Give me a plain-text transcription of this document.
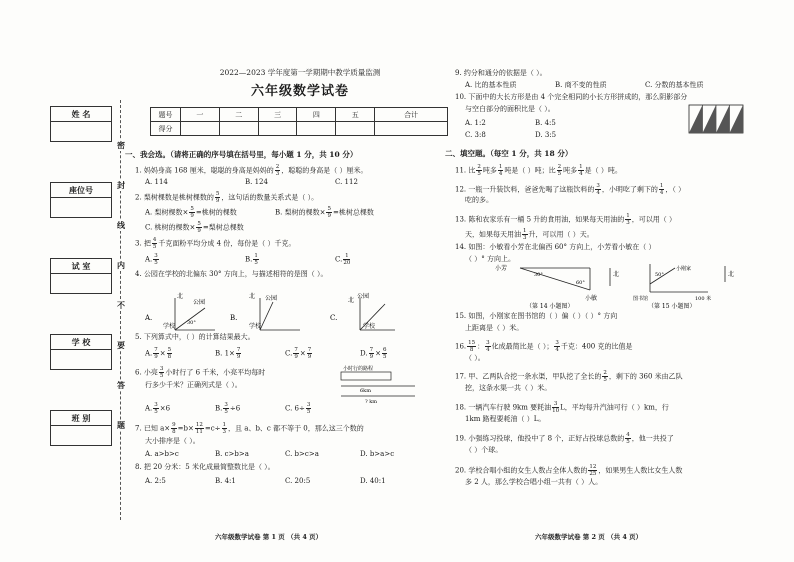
姓 名
座位号
试 室
学 校
班 别
密
封
线
内
不
要
答
题
2022—2023 学年度第一学期期中教学质量监测
六年级数学试卷
题号	一	二	三	四	五	合计
得分						
一、我会选。（请将正确的序号填在括号里，每小题 1 分，共 10 分）
1. 妈妈身高 168 厘米，聪聪的身高是妈妈的 $\frac{2}{3}$ ，聪聪的身高是（ ）厘米。
A. 114	B. 124	C. 112
2. 梨树棵数是桃树棵数的 $\frac{5}{9}$ ，这句话的数量关系式是（ ）。
A. 梨树棵数× $\frac{5}{9}$ =桃树的棵数	B. 梨树的棵数× $\frac{5}{9}$ =桃树总棵数
C. 桃树的棵数× $\frac{5}{9}$ =梨树总棵数
3. 把 $\frac{4}{5}$ 千克面粉平均分成 4 份，每份是（ ）千克。
A. $\frac{3}{5}$	B. $\frac{1}{5}$	C. $\frac{1}{20}$
4. 公园在学校的北偏东 30° 方向上，与描述相符的是图（ ）。
A.	B.	C.
公园
公园	公园
学校	学校	学校
北	北
北
30°
5. 下列算式中，（ ）的计算结果最大。
A. $\frac{7}{9} \times \frac{5}{8}$	B. $1\times \frac{7}{9}$	C. $\frac{7}{9} \times \frac{7}{9}$	D. $\frac{7}{9} \times \frac{6}{5}$
6. 小亮 $\frac{3}{5}$ 小时行了 6 千米，小亮平均每时
行多少千米？正确列式是（ ）。
A. $\frac{3}{5} \times 6$	B. $\frac{3}{5} \div 6$	C. $6\div \frac{3}{5}$
7. 已知 $a\times \frac{9}{8} =b\times \frac{12}{11} =c\div \frac{1}{3}$ ，且 a、b、c 都不等于 0，那么这三个数的
大小排序是（ ）。
A. a>b>c	B. c>b>a	C. b>c>a	D. b>a>c
8. 把 20 分米：5 米化成最简整数比是（ ）。
A. 2:5	B. 4:1	C. 20:5	D. 40:1
小时行的路程
6km
? km
六年级数学试卷 第 1 页 （共 4 页）
9. 约分和通分的依据是（ ）。
A. 比的基本性质	B. 商不变的性质	C. 分数的基本性质
10. 下面中的大长方形是由 4 个完全相同的小长方形拼成的，那么阴影部分
与空白部分的面积比是（ ）。
A. 1:2	B. 4:5
C. 3:8	D. 3:5
二、填空题。（每空 1 分，共 18 分）
11. 比 $\frac{2}{5}$ 吨多 $\frac{1}{4}$ 吨是（ ）吨；比 $\frac{2}{5}$ 吨多 $\frac{1}{4}$ 是（ ）吨。
12. 一瓶一升装饮料，爸爸先喝了这瓶饮料的 $\frac{3}{4}$ ，小明吃了剩下的 $\frac{1}{4}$ ，（ ）
吃的多。
13. 陈和农家乐有一桶 5 升的食用油，如果每天用油的 $\frac{1}{3}$ ，可以用（ ）
天，如果每天用油 $\frac{1}{3}$ 升，可以用（ ）天。
14. 如图：小敏看小芳在北偏西 60° 方向上，小芳看小敏在（ ）
（ ）° 方向上。
小芳
北
30°
60°
小敏
（第 14 小题图）
北
小刚家
50°
图书馆	100 米
（第 15 小题图）
15. 如图，小刚家在图书馆的（ ）偏（ ）（ ）° 方向
上距离是（ ）米。
16. $\frac{15}{8}$ ： $\frac{3}{4}$ 化成最简比是（ ）； $\frac{3}{4}$ 千克：400 克的比值是
（ ）。
17. 甲、乙两队合挖一条水渠，甲队挖了全长的 $\frac{2}{5}$ ，剩下的 360 米由乙队
挖，这条水渠一共（ ）米。
18. 一辆汽车行驶 9km 要耗油 $\frac{3}{10}$ L，平均每升汽油可行（ ）km，行
1km 路程要耗油（ ）L。
19. 小强练习投球，他投中了 8 个，正好占投球总数的 $\frac{4}{5}$ ，他一共投了
（ ）个球。
20. 学校合唱小组的女生人数占全体人数的 $\frac{12}{25}$ ，如果男生人数比女生人数
多 2 人，那么学校合唱小组一共有（ ）人。
六年级数学试卷 第 2 页 （共 4 页）
